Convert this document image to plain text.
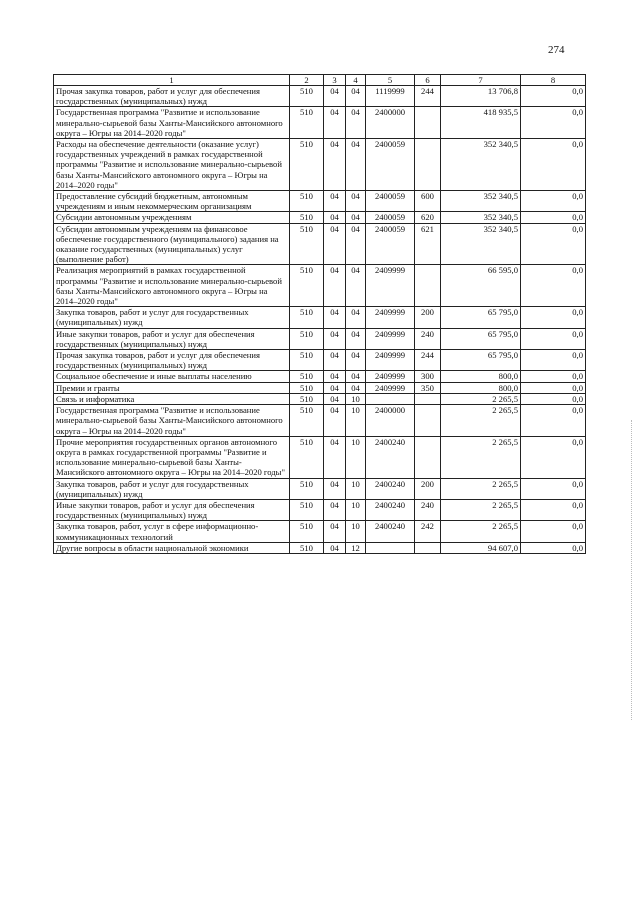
274
1	2	3	4	5	6	7	8
Прочая закупка товаров, работ и услуг для обеспечения государственных (муниципальных) нужд	510	04	04	1119999	244	13 706,8	0,0
Государственная программа "Развитие и использование минерально-сырьевой базы Ханты-Мансийского автономного округа – Югры на 2014–2020 годы"	510	04	04	2400000		418 935,5	0,0
Расходы на обеспечение деятельности (оказание услуг) государственных учреждений в рамках государственной программы "Развитие и использование минерально-сырьевой базы Ханты-Мансийского автономного округа – Югры на 2014–2020 годы"	510	04	04	2400059		352 340,5	0,0
Предоставление субсидий бюджетным, автономным учреждениям и иным некоммерческим организациям	510	04	04	2400059	600	352 340,5	0,0
Субсидии автономным учреждениям	510	04	04	2400059	620	352 340,5	0,0
Субсидии автономным учреждениям на финансовое обеспечение государственного (муниципального) задания на оказание государственных (муниципальных) услуг (выполнение работ)	510	04	04	2400059	621	352 340,5	0,0
Реализация мероприятий в рамках государственной программы "Развитие и использование минерально-сырьевой базы Ханты-Мансийского автономного округа – Югры на 2014–2020 годы"	510	04	04	2409999		66 595,0	0,0
Закупка товаров, работ и услуг для государственных (муниципальных) нужд	510	04	04	2409999	200	65 795,0	0,0
Иные закупки товаров, работ и услуг для обеспечения государственных (муниципальных) нужд	510	04	04	2409999	240	65 795,0	0,0
Прочая закупка товаров, работ и услуг для обеспечения государственных (муниципальных) нужд	510	04	04	2409999	244	65 795,0	0,0
Социальное обеспечение и иные выплаты населению	510	04	04	2409999	300	800,0	0,0
Премии и гранты	510	04	04	2409999	350	800,0	0,0
Связь и информатика	510	04	10			2 265,5	0,0
Государственная программа "Развитие и использование минерально-сырьевой базы Ханты-Мансийского автономного округа – Югры на 2014–2020 годы"	510	04	10	2400000		2 265,5	0,0
Прочие мероприятия государственных органов автономного округа в рамках государственной программы "Развитие и использование минерально-сырьевой базы Ханты-Мансийского автономного округа – Югры на 2014–2020 годы"	510	04	10	2400240		2 265,5	0,0
Закупка товаров, работ и услуг для государственных (муниципальных) нужд	510	04	10	2400240	200	2 265,5	0,0
Иные закупки товаров, работ и услуг для обеспечения государственных (муниципальных) нужд	510	04	10	2400240	240	2 265,5	0,0
Закупка товаров, работ, услуг в сфере информационно-коммуникационных технологий	510	04	10	2400240	242	2 265,5	0,0
Другие вопросы в области национальной экономики	510	04	12			94 607,0	0,0
